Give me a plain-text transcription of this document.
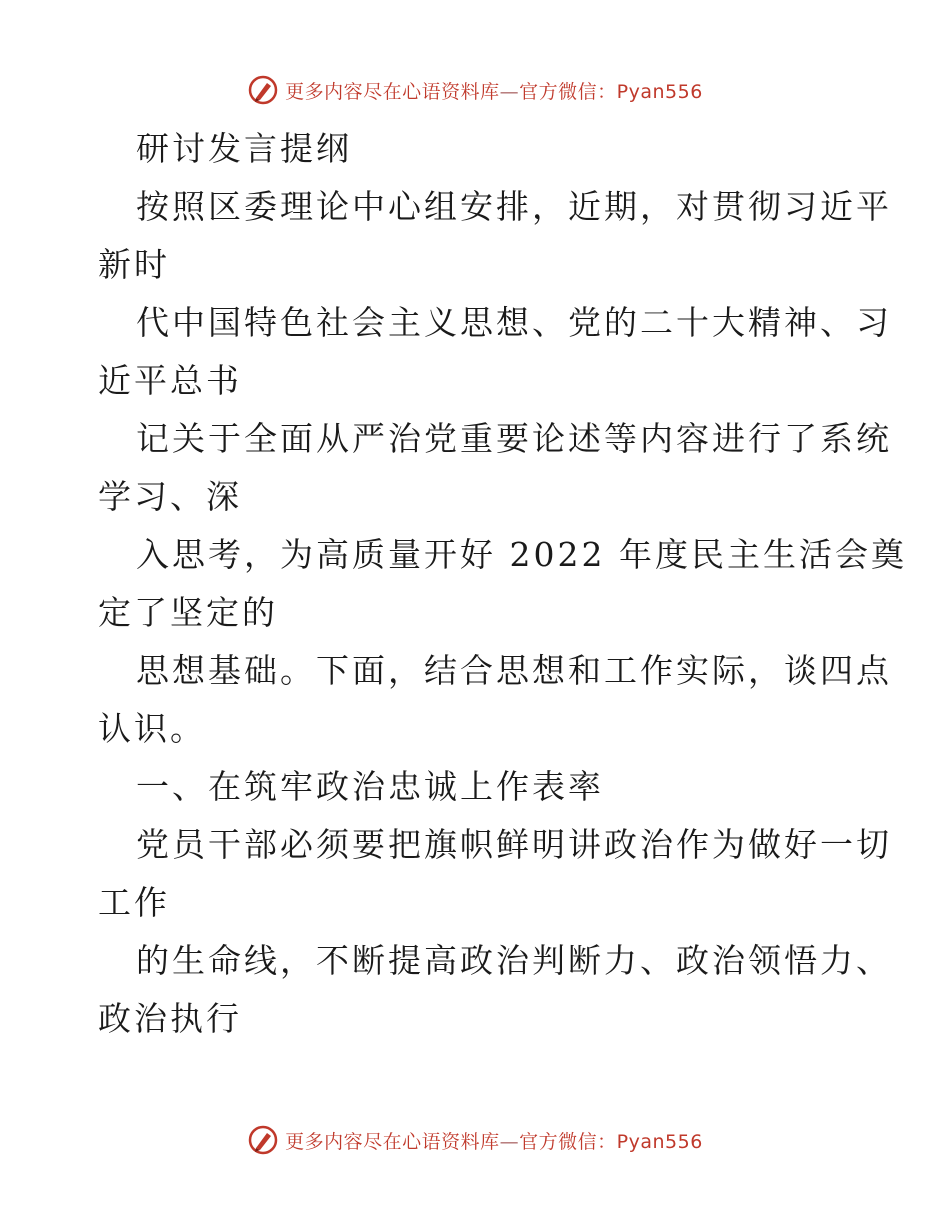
更多内容尽在心语资料库—官方微信：Pyan556
研讨发言提纲
按照区委理论中心组安排，近期，对贯彻习近平
新时
代中国特色社会主义思想、党的二十大精神、习
近平总书
记关于全面从严治党重要论述等内容进行了系统
学习、深
入思考，为高质量开好 2022 年度民主生活会奠
定了坚定的
思想基础。下面，结合思想和工作实际，谈四点
认识。
一、在筑牢政治忠诚上作表率
党员干部必须要把旗帜鲜明讲政治作为做好一切
工作
的生命线，不断提高政治判断力、政治领悟力、
政治执行
更多内容尽在心语资料库—官方微信：Pyan556
